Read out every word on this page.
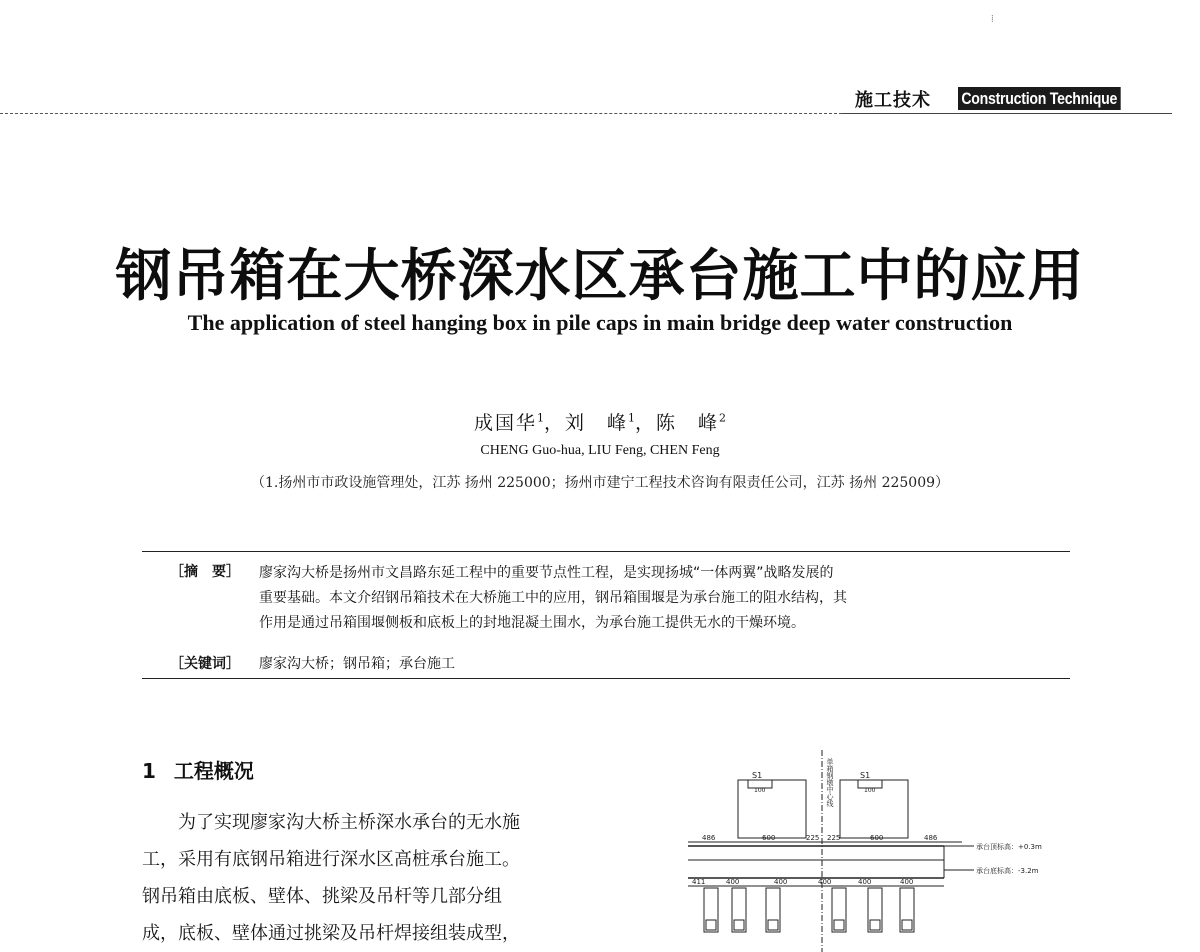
⁞
施工技术 Construction Technique
钢吊箱在大桥深水区承台施工中的应用
The application of steel hanging box in pile caps in main bridge deep water construction
成国华$^1$，刘　峰$^1$，陈　峰$^2$
CHENG Guo-hua, LIU Feng, CHEN Feng
（1.扬州市市政设施管理处，江苏 扬州 225000；扬州市建宁工程技术咨询有限责任公司，江苏 扬州 225009）
［摘　要］ 廖家沟大桥是扬州市文昌路东延工程中的重要节点性工程，是实现扬城“一体两翼”战略发展的
重要基础。本文介绍钢吊箱技术在大桥施工中的应用，钢吊箱围堰是为承台施工的阻水结构，其
作用是通过吊箱围堰侧板和底板上的封地混凝土围水，为承台施工提供无水的干燥环境。
［关键词］ 廖家沟大桥；钢吊箱；承台施工
1 工程概况
　　为了实现廖家沟大桥主桥深水承台的无水施
工，采用有底钢吊箱进行深水区高桩承台施工。
钢吊箱由底板、壁体、挑梁及吊杆等几部分组
成，底板、壁体通过挑梁及吊杆焊接组装成型，
单箱钢墩中心线
S1	S1
486	600	225 225	600	486
411	400	400	400	400	400
承台顶标高：+0.3m
承台底标高：-3.2m
100	100
